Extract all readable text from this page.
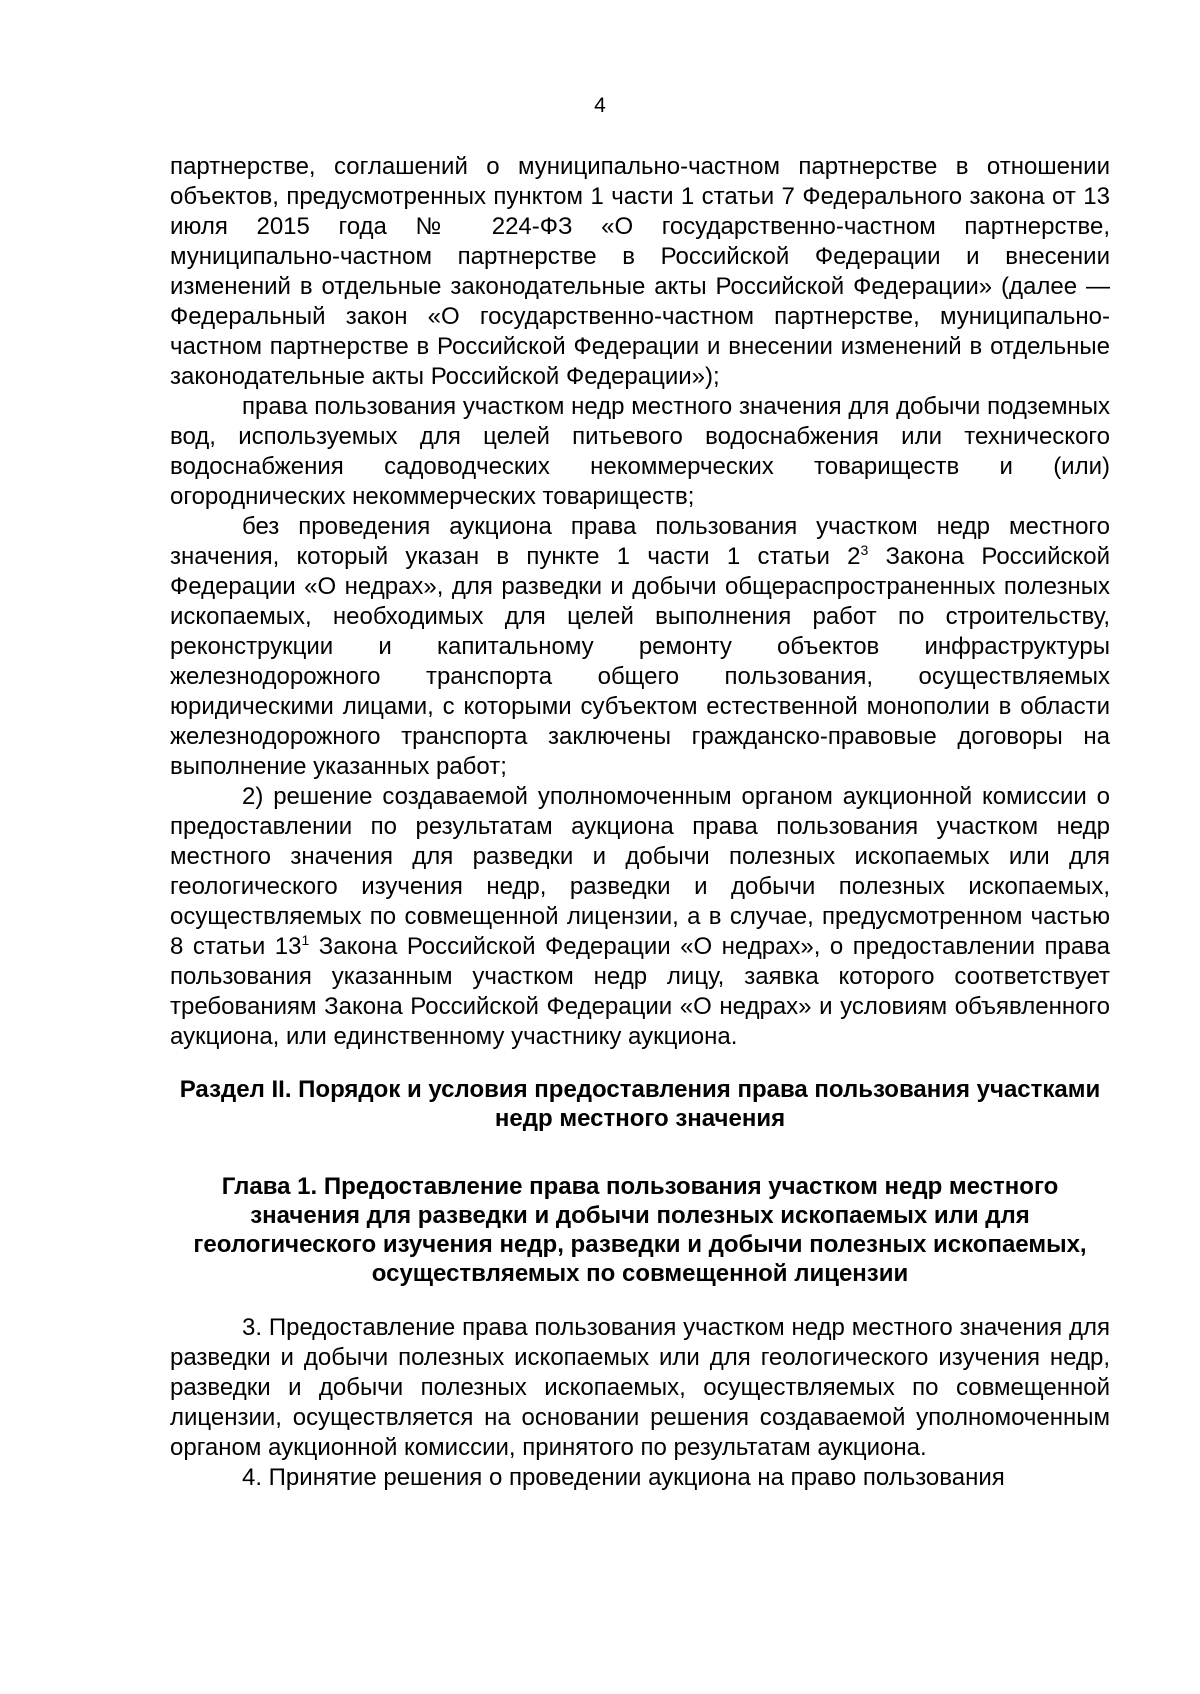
4

партнерстве, соглашений о муниципально-частном партнерстве в отношении объектов, предусмотренных пунктом 1 части 1 статьи 7 Федерального закона от 13 июля 2015 года № 224-ФЗ «О государственно-частном партнерстве, муниципально-частном партнерстве в Российской Федерации и внесении изменений в отдельные законодательные акты Российской Федерации» (далее — Федеральный закон «О государственно-частном партнерстве, муниципально-частном партнерстве в Российской Федерации и внесении изменений в отдельные законодательные акты Российской Федерации»);

права пользования участком недр местного значения для добычи подземных вод, используемых для целей питьевого водоснабжения или технического водоснабжения садоводческих некоммерческих товариществ и (или) огороднических некоммерческих товариществ;

без проведения аукциона права пользования участком недр местного значения, который указан в пункте 1 части 1 статьи $2^3$ Закона Российской Федерации «О недрах», для разведки и добычи общераспространенных полезных ископаемых, необходимых для целей выполнения работ по строительству, реконструкции и капитальному ремонту объектов инфраструктуры железнодорожного транспорта общего пользования, осуществляемых юридическими лицами, с которыми субъектом естественной монополии в области железнодорожного транспорта заключены гражданско-правовые договоры на выполнение указанных работ;

2) решение создаваемой уполномоченным органом аукционной комиссии о предоставлении по результатам аукциона права пользования участком недр местного значения для разведки и добычи полезных ископаемых или для геологического изучения недр, разведки и добычи полезных ископаемых, осуществляемых по совмещенной лицензии, а в случае, предусмотренном частью 8 статьи $13^1$ Закона Российской Федерации «О недрах», о предоставлении права пользования указанным участком недр лицу, заявка которого соответствует требованиям Закона Российской Федерации «О недрах» и условиям объявленного аукциона, или единственному участнику аукциона.

Раздел II. Порядок и условия предоставления права пользования участками недр местного значения
Глава 1. Предоставление права пользования участком недр местного значения для разведки и добычи полезных ископаемых или для геологического изучения недр, разведки и добычи полезных ископаемых, осуществляемых по совмещенной лицензии

3. Предоставление права пользования участком недр местного значения для разведки и добычи полезных ископаемых или для геологического изучения недр, разведки и добычи полезных ископаемых, осуществляемых по совмещенной лицензии, осуществляется на основании решения создаваемой уполномоченным органом аукционной комиссии, принятого по результатам аукциона.

4. Принятие решения о проведении аукциона на право пользования
